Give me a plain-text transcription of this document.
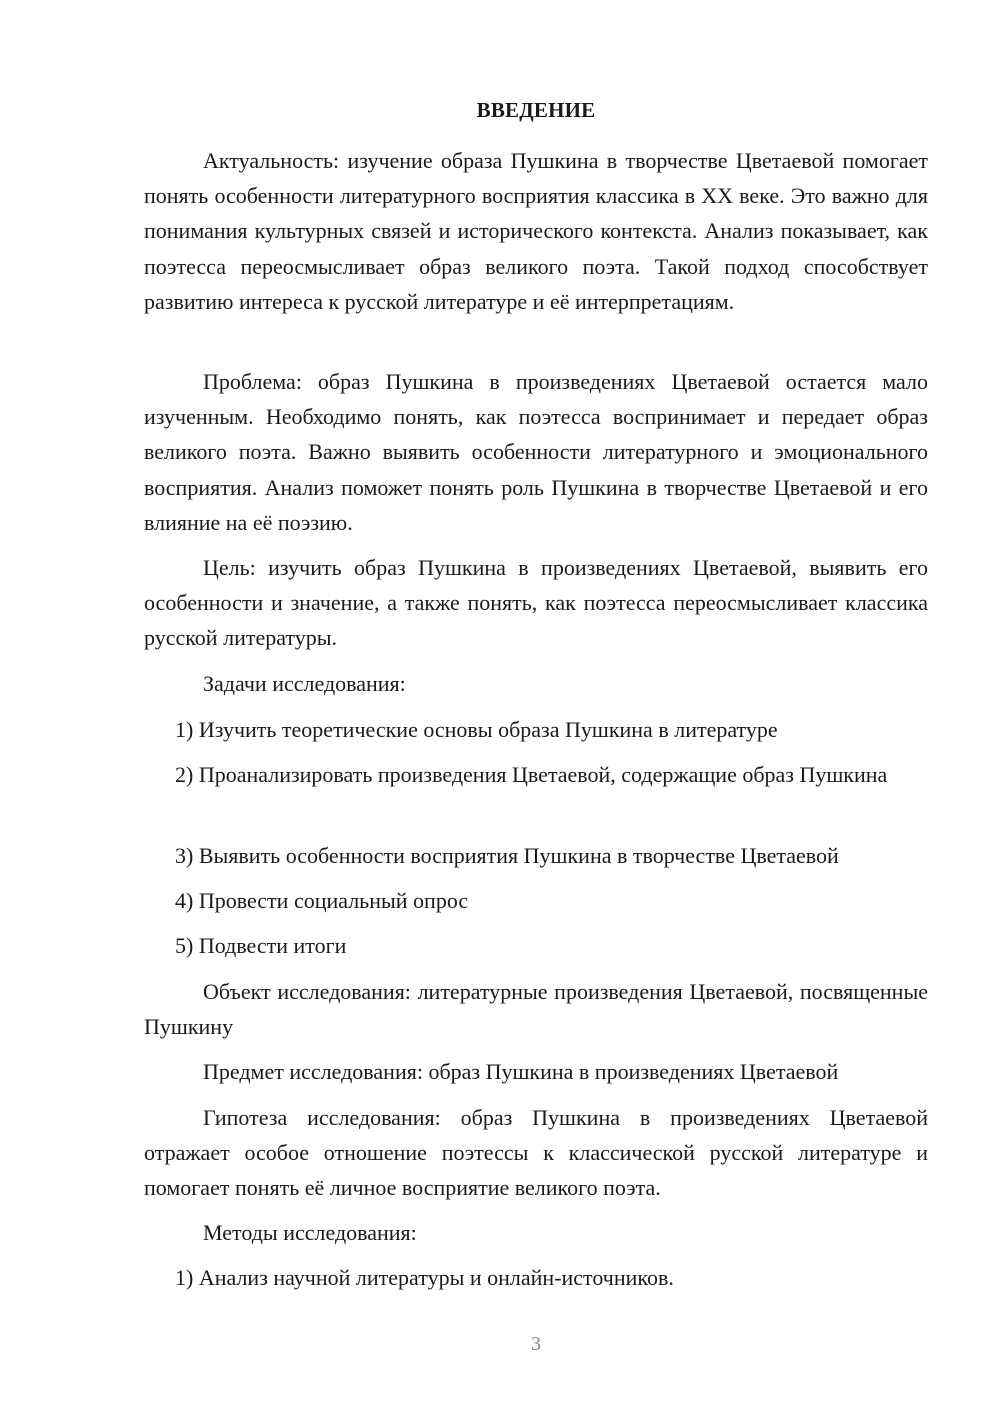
ВВЕДЕНИЕ

Актуальность: изучение образа Пушкина в творчестве Цветаевой помогает понять особенности литературного восприятия классика в XX веке. Это важно для понимания культурных связей и исторического контекста. Анализ показывает, как поэтесса переосмысливает образ великого поэта. Такой подход способствует развитию интереса к русской литературе и её интерпретациям.

Проблема: образ Пушкина в произведениях Цветаевой остается мало изученным. Необходимо понять, как поэтесса воспринимает и передает образ великого поэта. Важно выявить особенности литературного и эмоционального восприятия. Анализ поможет понять роль Пушкина в творчестве Цветаевой и его влияние на её поэзию.

Цель: изучить образ Пушкина в произведениях Цветаевой, выявить его особенности и значение, а также понять, как поэтесса переосмысливает классика русской литературы.

Задачи исследования:

1) Изучить теоретические основы образа Пушкина в литературе

2) Проанализировать произведения Цветаевой, содержащие образ Пушкина

3) Выявить особенности восприятия Пушкина в творчестве Цветаевой

4) Провести социальный опрос

5) Подвести итоги

Объект исследования: литературные произведения Цветаевой, посвященные Пушкину

Предмет исследования: образ Пушкина в произведениях Цветаевой

Гипотеза исследования: образ Пушкина в произведениях Цветаевой отражает особое отношение поэтессы к классической русской литературе и помогает понять её личное восприятие великого поэта.

Методы исследования:

1) Анализ научной литературы и онлайн-источников.

3
